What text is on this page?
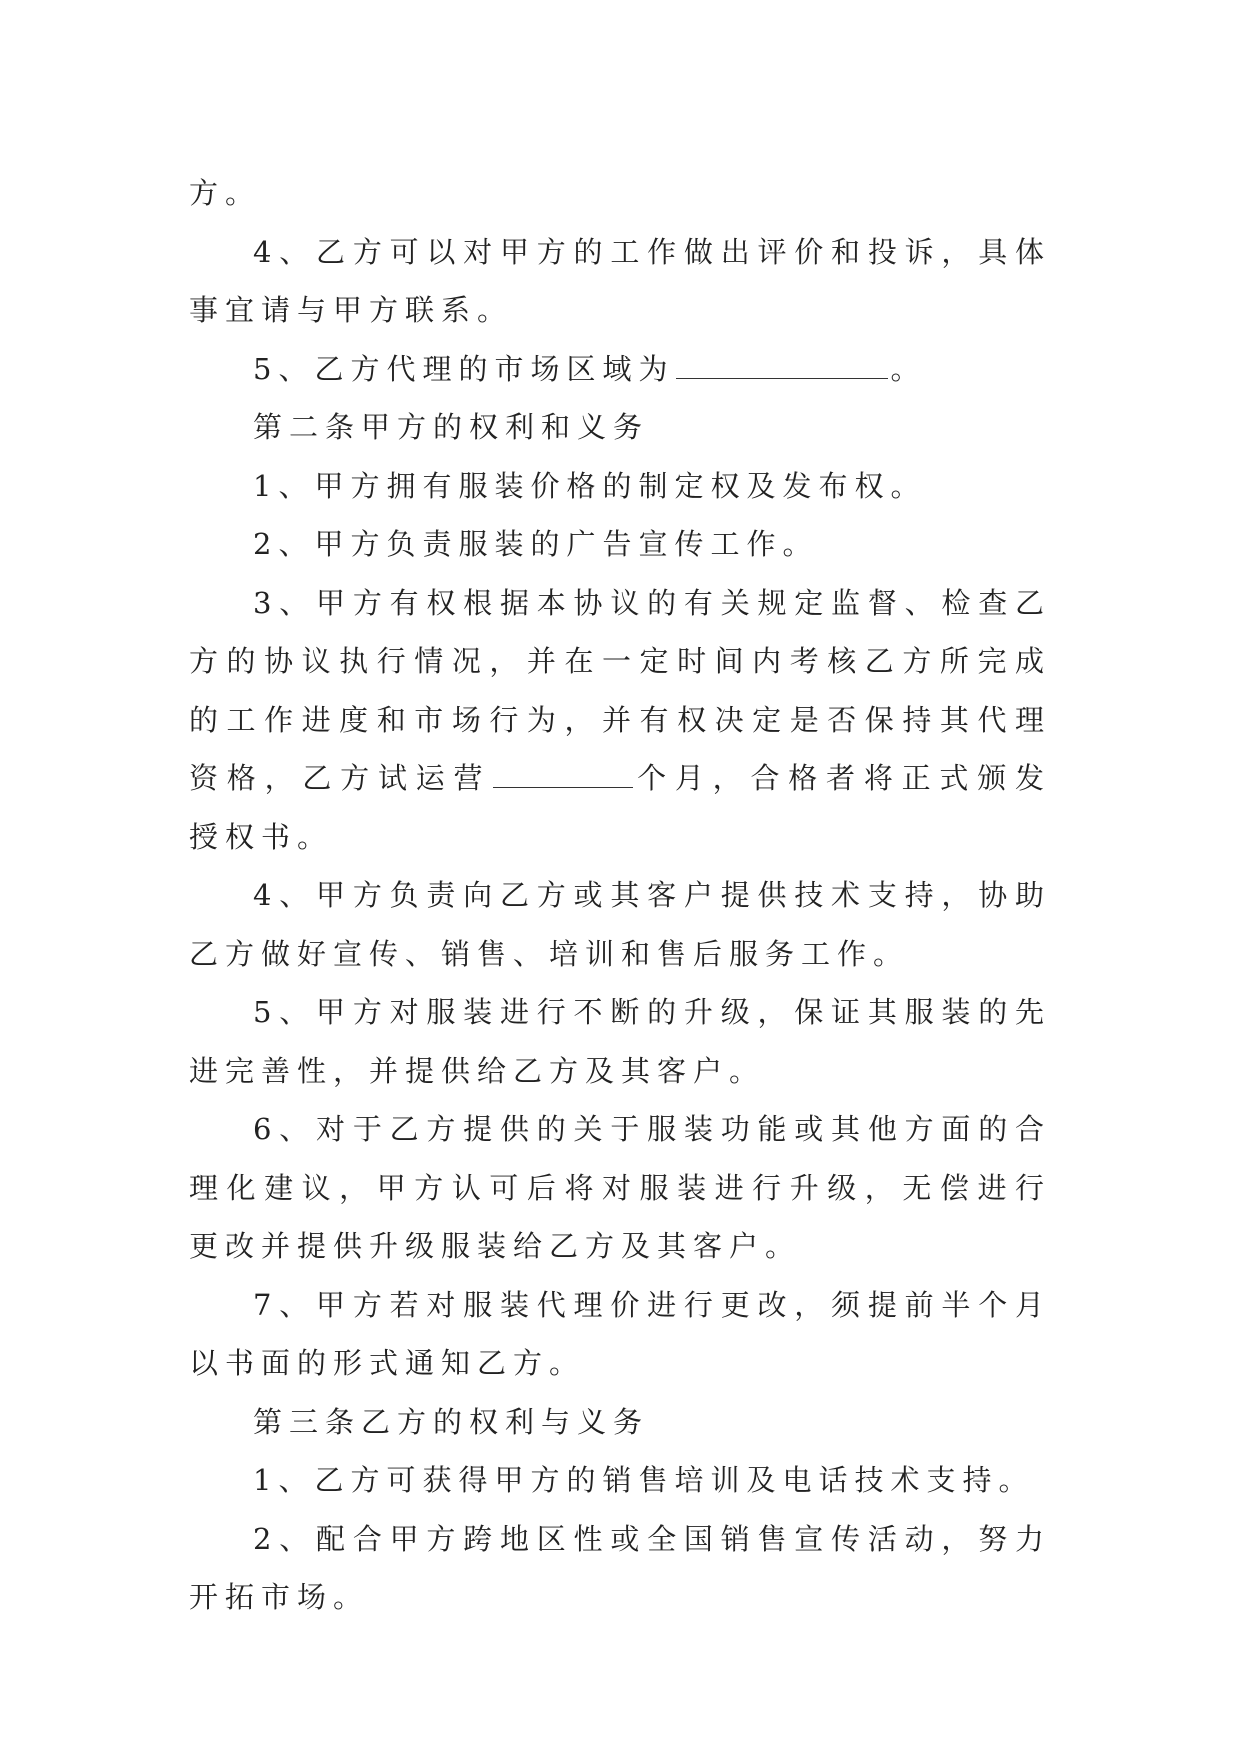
方。

4、乙方可以对甲方的工作做出评价和投诉，具体事宜请与甲方联系。

5、乙方代理的市场区域为	。

第二条甲方的权利和义务

1、甲方拥有服装价格的制定权及发布权。

2、甲方负责服装的广告宣传工作。

3、甲方有权根据本协议的有关规定监督、检查乙方的协议执行情况，并在一定时间内考核乙方所完成的工作进度和市场行为，并有权决定是否保持其代理资格，乙方试运营	个月，合格者将正式颁发授权书。

4、甲方负责向乙方或其客户提供技术支持，协助乙方做好宣传、销售、培训和售后服务工作。

5、甲方对服装进行不断的升级，保证其服装的先进完善性，并提供给乙方及其客户。

6、对于乙方提供的关于服装功能或其他方面的合理化建议，甲方认可后将对服装进行升级，无偿进行更改并提供升级服装给乙方及其客户。

7、甲方若对服装代理价进行更改，须提前半个月以书面的形式通知乙方。

第三条乙方的权利与义务

1、乙方可获得甲方的销售培训及电话技术支持。

2、配合甲方跨地区性或全国销售宣传活动，努力开拓市场。
